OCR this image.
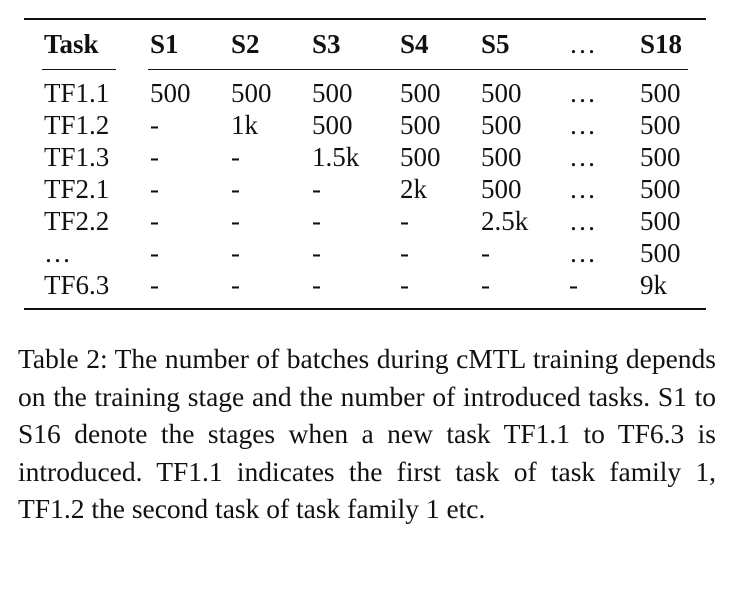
Task S1 S2 S3 S4 S5 … S18
TF1.1 500 500 500 500 500 … 500
TF1.2 -	1k 500 500 500 … 500
TF1.3 -	-	1.5k 500 500 … 500
TF2.1 -	-	-	2k 500 … 500
TF2.2 -	-	-	-	2.5k … 500
…	-	-	-	-	-	… 500
TF6.3 -	-	-	-	-	- 9k

Table 2: The number of batches during cMTL training depends on the training stage and the number of introduced tasks. S1 to S16 denote the stages when a new task TF1.1 to TF6.3 is introduced. TF1.1 indicates the first task of task family 1, TF1.2 the second task of task family 1 etc.
